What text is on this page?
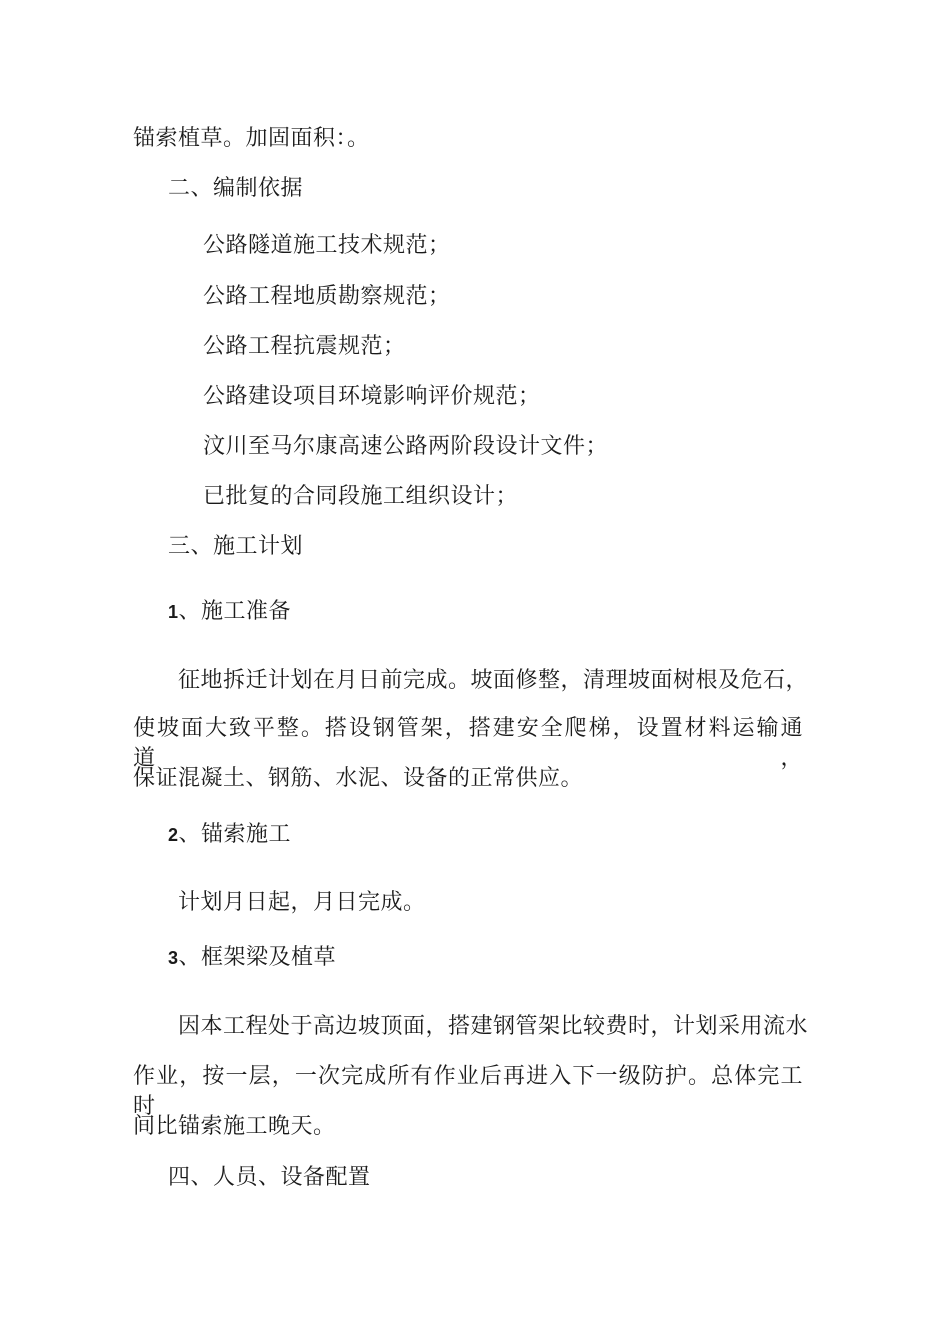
锚索植草。加固面积：。
二、编制依据
公路隧道施工技术规范；
公路工程地质勘察规范；
公路工程抗震规范；
公路建设项目环境影响评价规范；
汶川至马尔康高速公路两阶段设计文件；
已批复的合同段施工组织设计；
三、施工计划
1、施工准备
征地拆迁计划在月日前完成。坡面修整，清理坡面树根及危石，
使坡面大致平整。搭设钢管架，搭建安全爬梯，设置材料运输通道，
保证混凝土、钢筋、水泥、设备的正常供应。
2、锚索施工
计划月日起，月日完成。
3、框架梁及植草
因本工程处于高边坡顶面，搭建钢管架比较费时，计划采用流水
作业，按一层，一次完成所有作业后再进入下一级防护。总体完工时
间比锚索施工晚天。
四、人员、设备配置
